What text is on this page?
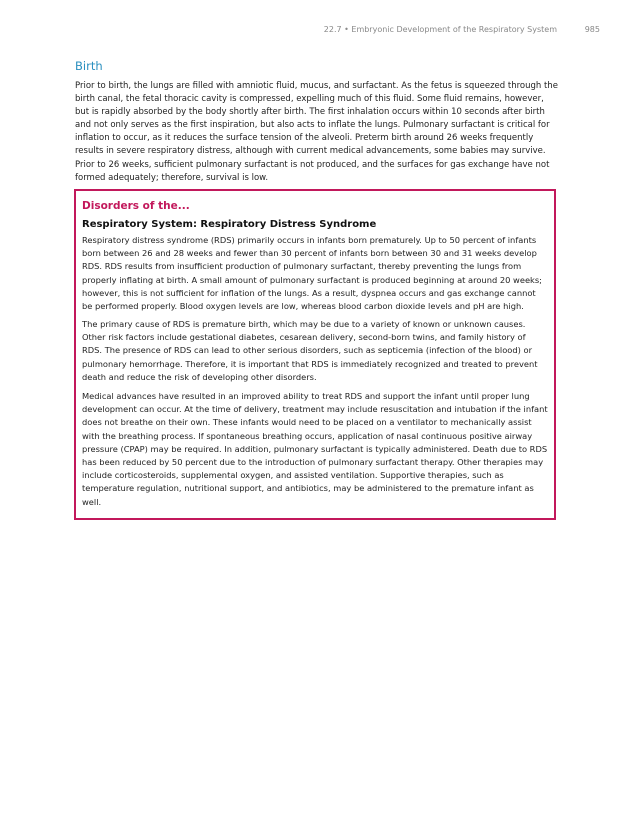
22.7 • Embryonic Development of the Respiratory System	985
Birth

Prior to birth, the lungs are filled with amniotic fluid, mucus, and surfactant. As the fetus is squeezed through the birth canal, the fetal thoracic cavity is compressed, expelling much of this fluid. Some fluid remains, however, but is rapidly absorbed by the body shortly after birth. The first inhalation occurs within 10 seconds after birth and not only serves as the first inspiration, but also acts to inflate the lungs. Pulmonary surfactant is critical for inflation to occur, as it reduces the surface tension of the alveoli. Preterm birth around 26 weeks frequently results in severe respiratory distress, although with current medical advancements, some babies may survive. Prior to 26 weeks, sufficient pulmonary surfactant is not produced, and the surfaces for gas exchange have not formed adequately; therefore, survival is low.

Disorders of the...
Respiratory System: Respiratory Distress Syndrome

Respiratory distress syndrome (RDS) primarily occurs in infants born prematurely. Up to 50 percent of infants born between 26 and 28 weeks and fewer than 30 percent of infants born between 30 and 31 weeks develop RDS. RDS results from insufficient production of pulmonary surfactant, thereby preventing the lungs from properly inflating at birth. A small amount of pulmonary surfactant is produced beginning at around 20 weeks; however, this is not sufficient for inflation of the lungs. As a result, dyspnea occurs and gas exchange cannot be performed properly. Blood oxygen levels are low, whereas blood carbon dioxide levels and pH are high.

The primary cause of RDS is premature birth, which may be due to a variety of known or unknown causes. Other risk factors include gestational diabetes, cesarean delivery, second-born twins, and family history of RDS. The presence of RDS can lead to other serious disorders, such as septicemia (infection of the blood) or pulmonary hemorrhage. Therefore, it is important that RDS is immediately recognized and treated to prevent death and reduce the risk of developing other disorders.

Medical advances have resulted in an improved ability to treat RDS and support the infant until proper lung development can occur. At the time of delivery, treatment may include resuscitation and intubation if the infant does not breathe on their own. These infants would need to be placed on a ventilator to mechanically assist with the breathing process. If spontaneous breathing occurs, application of nasal continuous positive airway pressure (CPAP) may be required. In addition, pulmonary surfactant is typically administered. Death due to RDS has been reduced by 50 percent due to the introduction of pulmonary surfactant therapy. Other therapies may include corticosteroids, supplemental oxygen, and assisted ventilation. Supportive therapies, such as temperature regulation, nutritional support, and antibiotics, may be administered to the premature infant as well.
